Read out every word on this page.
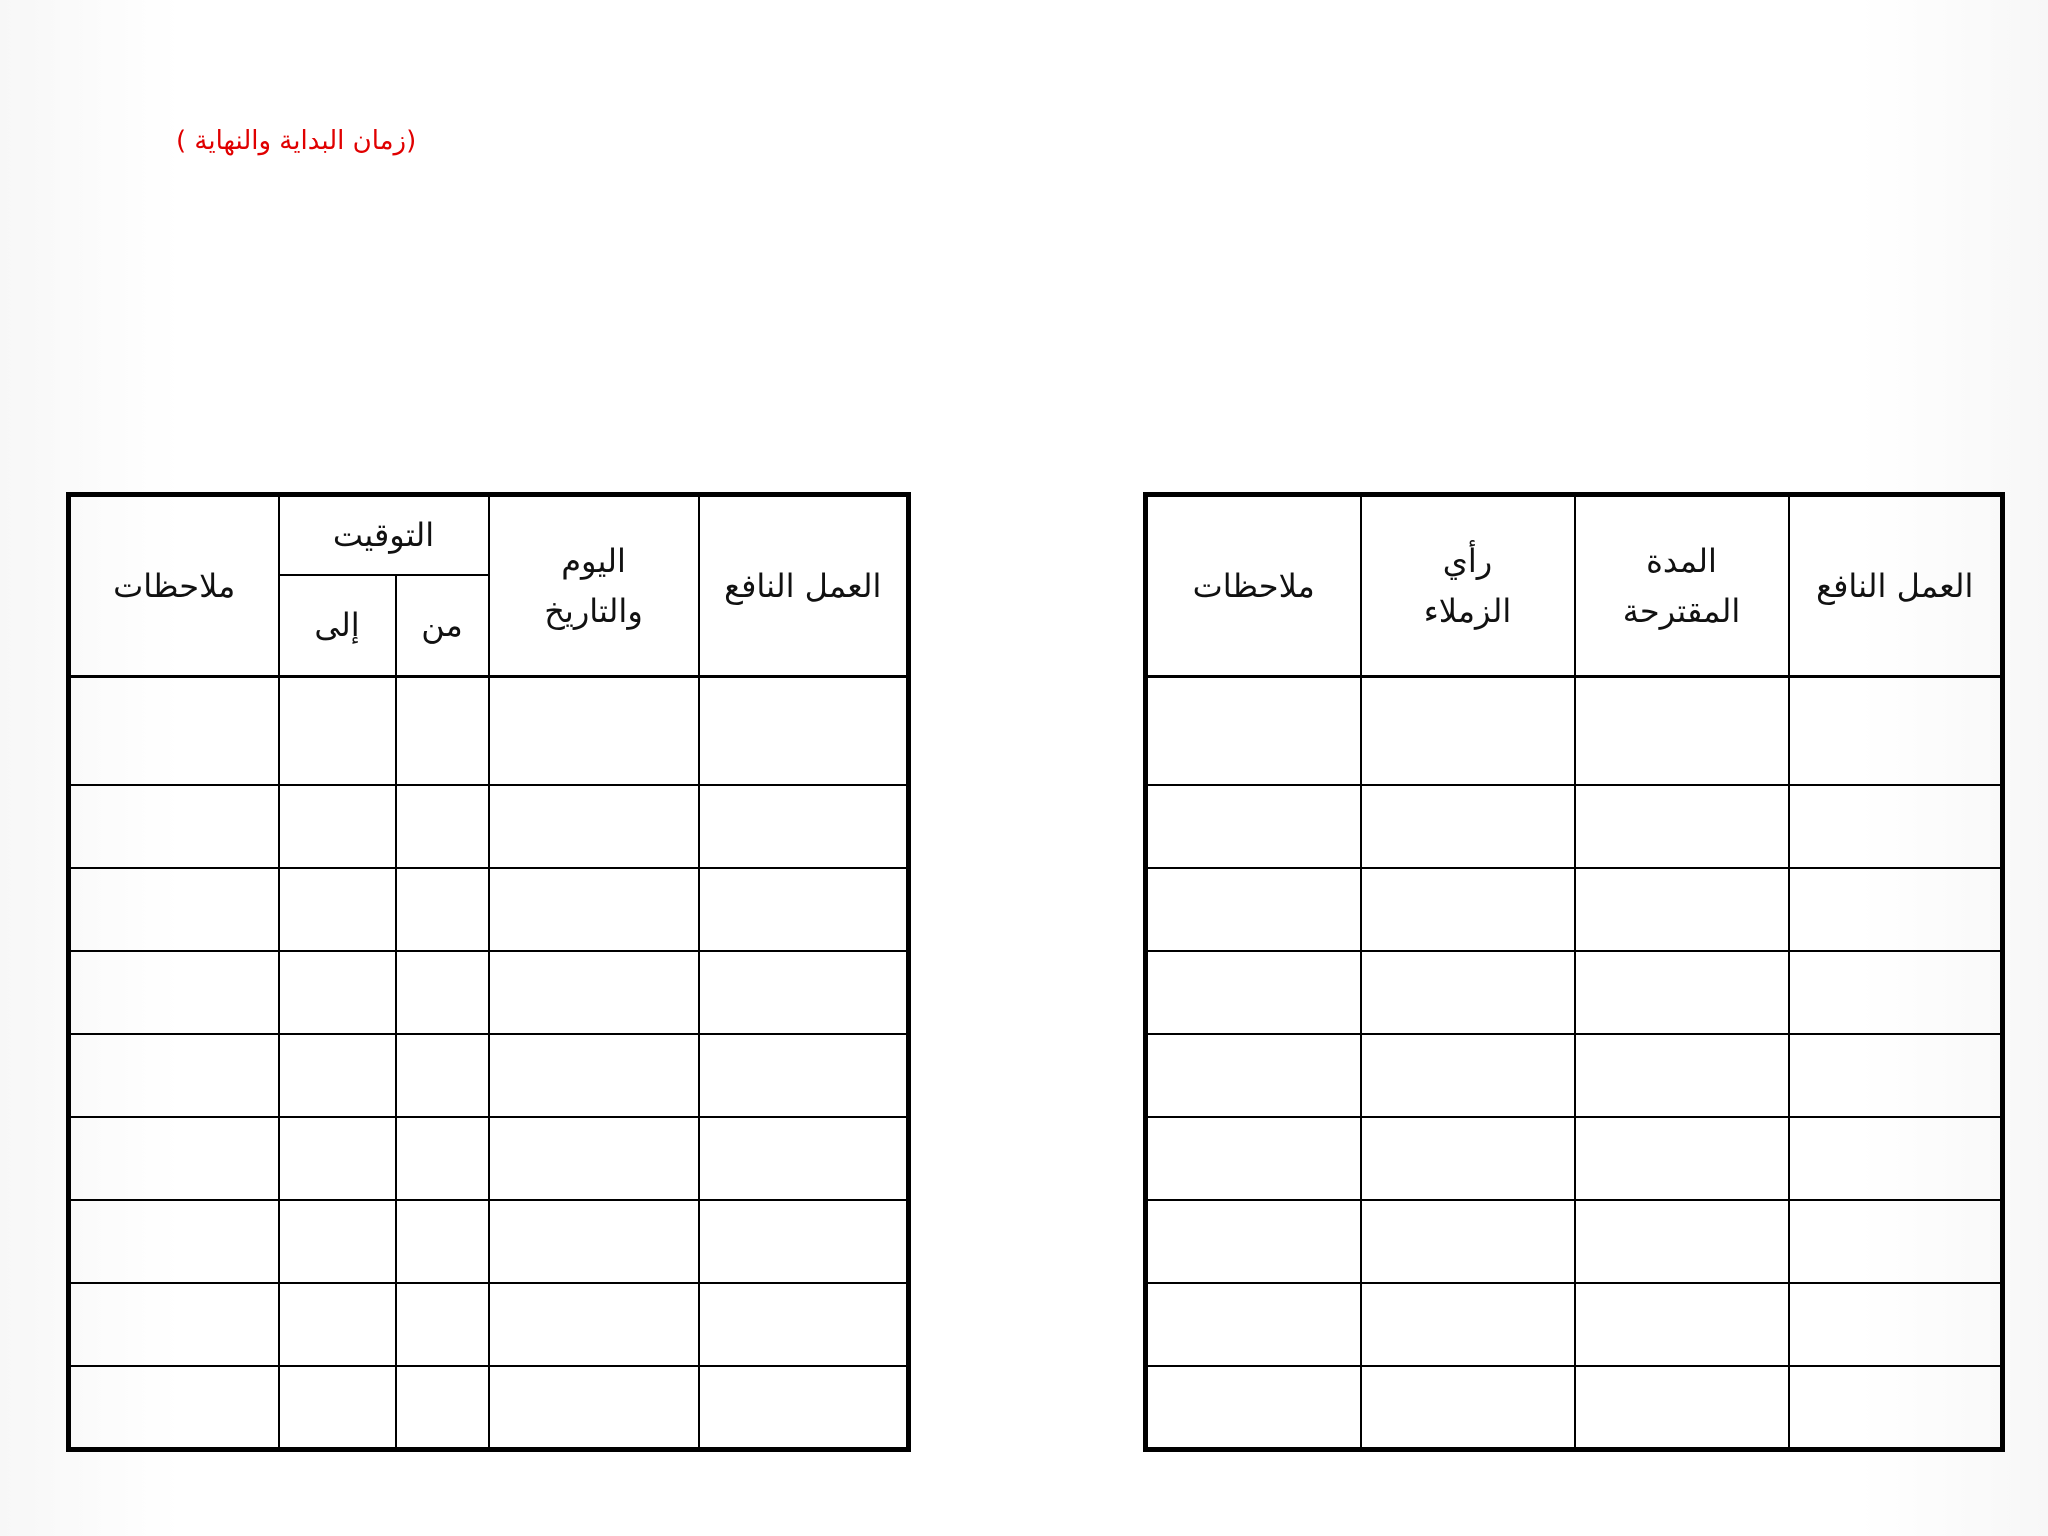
العمل النافع	المدة المقترحة	رأي الزملاء	ملاحظات

(زمان البداية والنهاية )
العمل النافع	اليوم والتاريخ	التوقيت		ملاحظات
		من	إلى	
